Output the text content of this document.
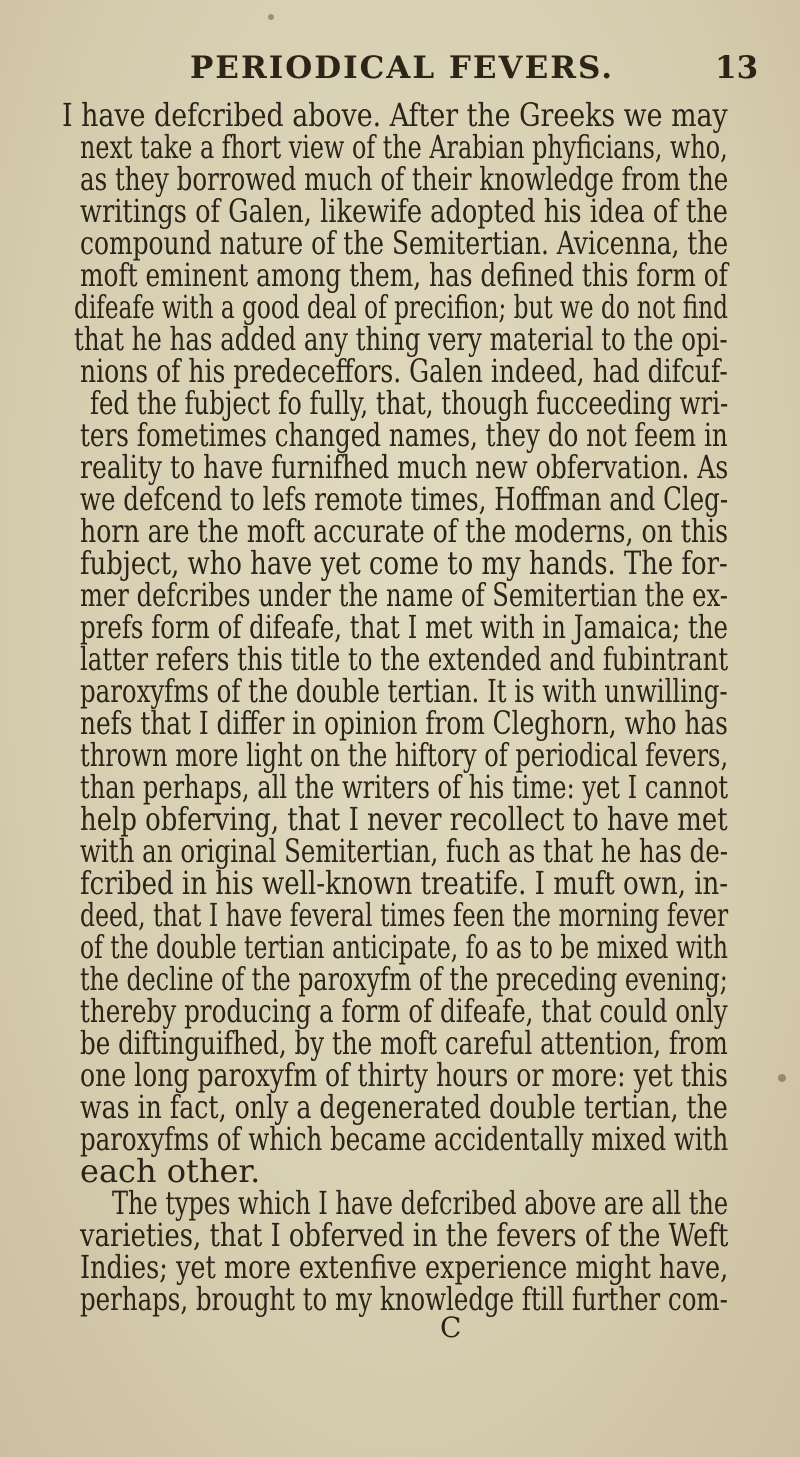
PERIODICAL FEVERS.	13
I have defcribed above. After the Greeks we may
next take a fhort view of the Arabian phyficians, who,
as they borrowed much of their knowledge from the
writings of Galen, likewife adopted his idea of the
compound nature of the Semitertian. Avicenna, the
moft eminent among them, has defined this form of
difeafe with a good deal of precifion; but we do not find
that he has added any thing very material to the opi-
nions of his predeceffors. Galen indeed, had difcuf-
fed the fubject fo fully, that, though fucceeding wri-
ters fometimes changed names, they do not feem in
reality to have furnifhed much new obfervation. As
we defcend to lefs remote times, Hoffman and Cleg-
horn are the moft accurate of the moderns, on this
fubject, who have yet come to my hands. The for-
mer defcribes under the name of Semitertian the ex-
prefs form of difeafe, that I met with in Jamaica; the
latter refers this title to the extended and fubintrant
paroxyfms of the double tertian. It is with unwilling-
nefs that I differ in opinion from Cleghorn, who has
thrown more light on the hiftory of periodical fevers,
than perhaps, all the writers of his time: yet I cannot
help obferving, that I never recollect to have met
with an original Semitertian, fuch as that he has de-
fcribed in his well-known treatife. I muft own, in-
deed, that I have feveral times feen the morning fever
of the double tertian anticipate, fo as to be mixed with
the decline of the paroxyfm of the preceding evening;
thereby producing a form of difeafe, that could only
be diftinguifhed, by the moft careful attention, from
one long paroxyfm of thirty hours or more: yet this
was in fact, only a degenerated double tertian, the
paroxyfms of which became accidentally mixed with
each other.
The types which I have defcribed above are all the
varieties, that I obferved in the fevers of the Weft
Indies; yet more extenfive experience might have,
perhaps, brought to my knowledge ftill further com-
C
